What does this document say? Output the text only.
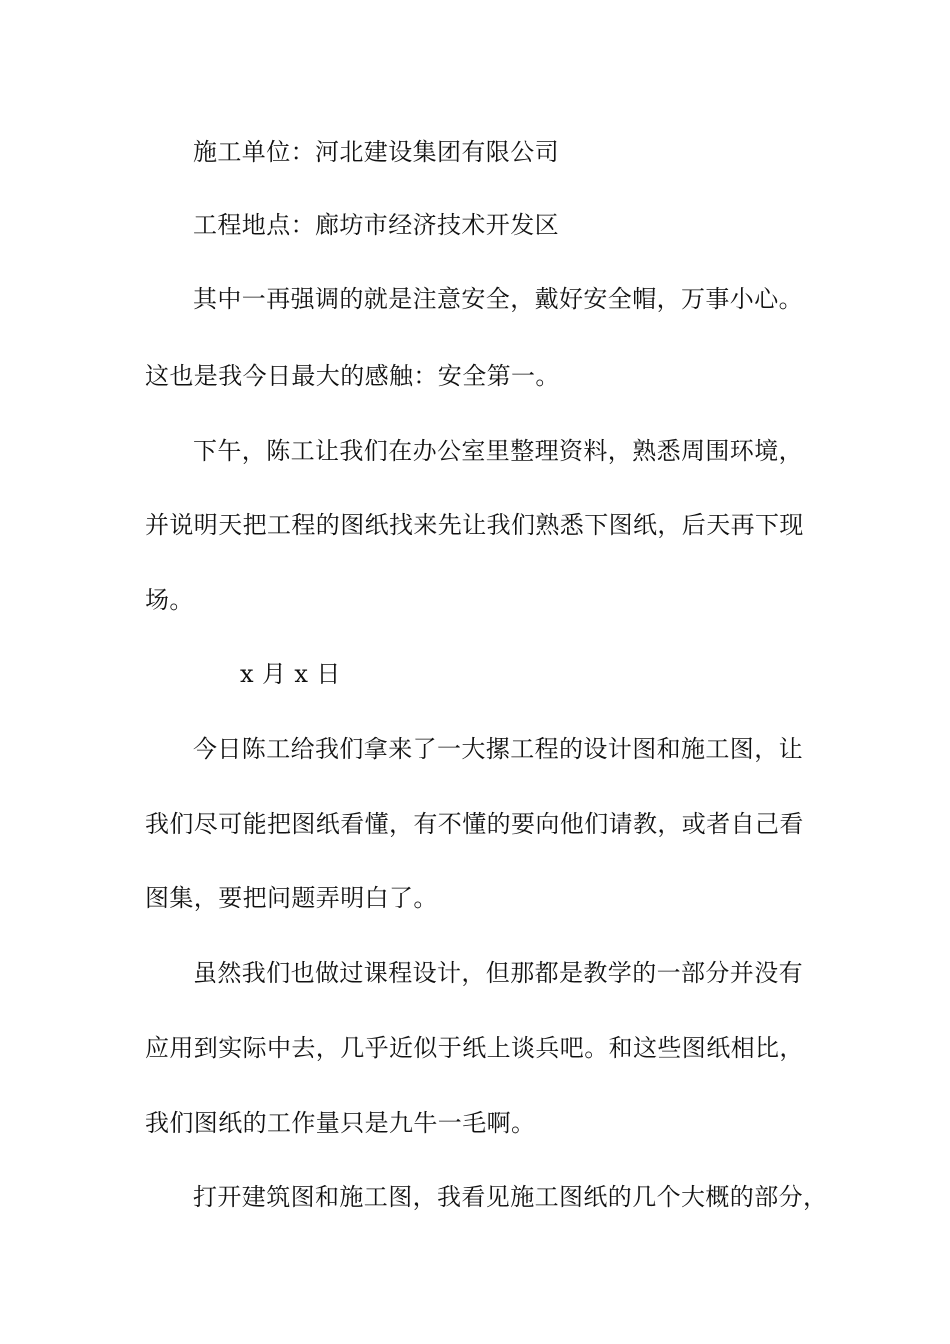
施工单位：河北建设集团有限公司
工程地点：廊坊市经济技术开发区
其中一再强调的就是注意安全，戴好安全帽，万事小心。
这也是我今日最大的感触：安全第一。
下午，陈工让我们在办公室里整理资料，熟悉周围环境，
并说明天把工程的图纸找来先让我们熟悉下图纸，后天再下现
场。
x 月 x 日
今日陈工给我们拿来了一大摞工程的设计图和施工图，让
我们尽可能把图纸看懂，有不懂的要向他们请教，或者自己看
图集，要把问题弄明白了。
虽然我们也做过课程设计，但那都是教学的一部分并没有
应用到实际中去，几乎近似于纸上谈兵吧。和这些图纸相比，
我们图纸的工作量只是九牛一毛啊。
打开建筑图和施工图，我看见施工图纸的几个大概的部分，
